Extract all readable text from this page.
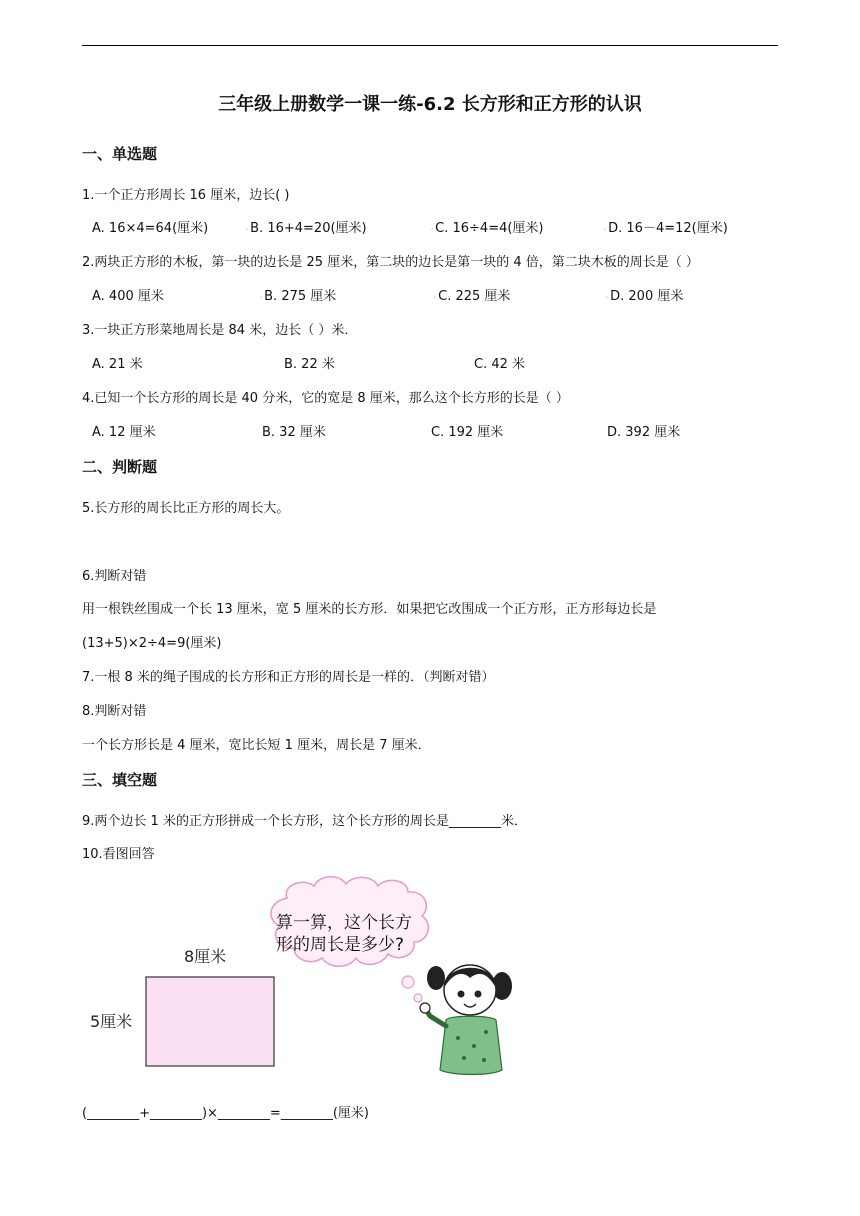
三年级上册数学一课一练-6.2 长方形和正方形的认识
一、单选题
1.一个正方形周长 16 厘米，边长( )
A. 16×4=64(厘米)	◦B. 16+4=20(厘米)	◦C. 16÷4=4(厘米)	◦D. 16－4=12(厘米)
2.两块正方形的木板，第一块的边长是 25 厘米，第二块的边长是第一块的 4 倍，第二块木板的周长是（ ）
A. 400 厘米	◦B. 275 厘米	◦C. 225 厘米	◦D. 200 厘米
3.一块正方形菜地周长是 84 米，边长（ ）米．
A. 21 米	B. 22 米	C. 42 米
4.已知一个长方形的周长是 40 分米，它的宽是 8 厘米，那么这个长方形的长是（ ）
A. 12 厘米	B. 32 厘米	C. 192 厘米	D. 392 厘米
二、判断题
5.长方形的周长比正方形的周长大。
6.判断对错
用一根铁丝围成一个长 13 厘米，宽 5 厘米的长方形．如果把它改围成一个正方形，正方形每边长是
(13+5)×2÷4=9(厘米)
7.一根 8 米的绳子围成的长方形和正方形的周长是一样的．（判断对错）
8.判断对错
一个长方形长是 4 厘米，宽比长短 1 厘米，周长是 7 厘米．
三、填空题
9.两个边长 1 米的正方形拼成一个长方形，这个长方形的周长是________米．
10.看图回答
算一算，这个长方
形的周长是多少?
8厘米
5厘米
(________+________)×________=________(厘米)
